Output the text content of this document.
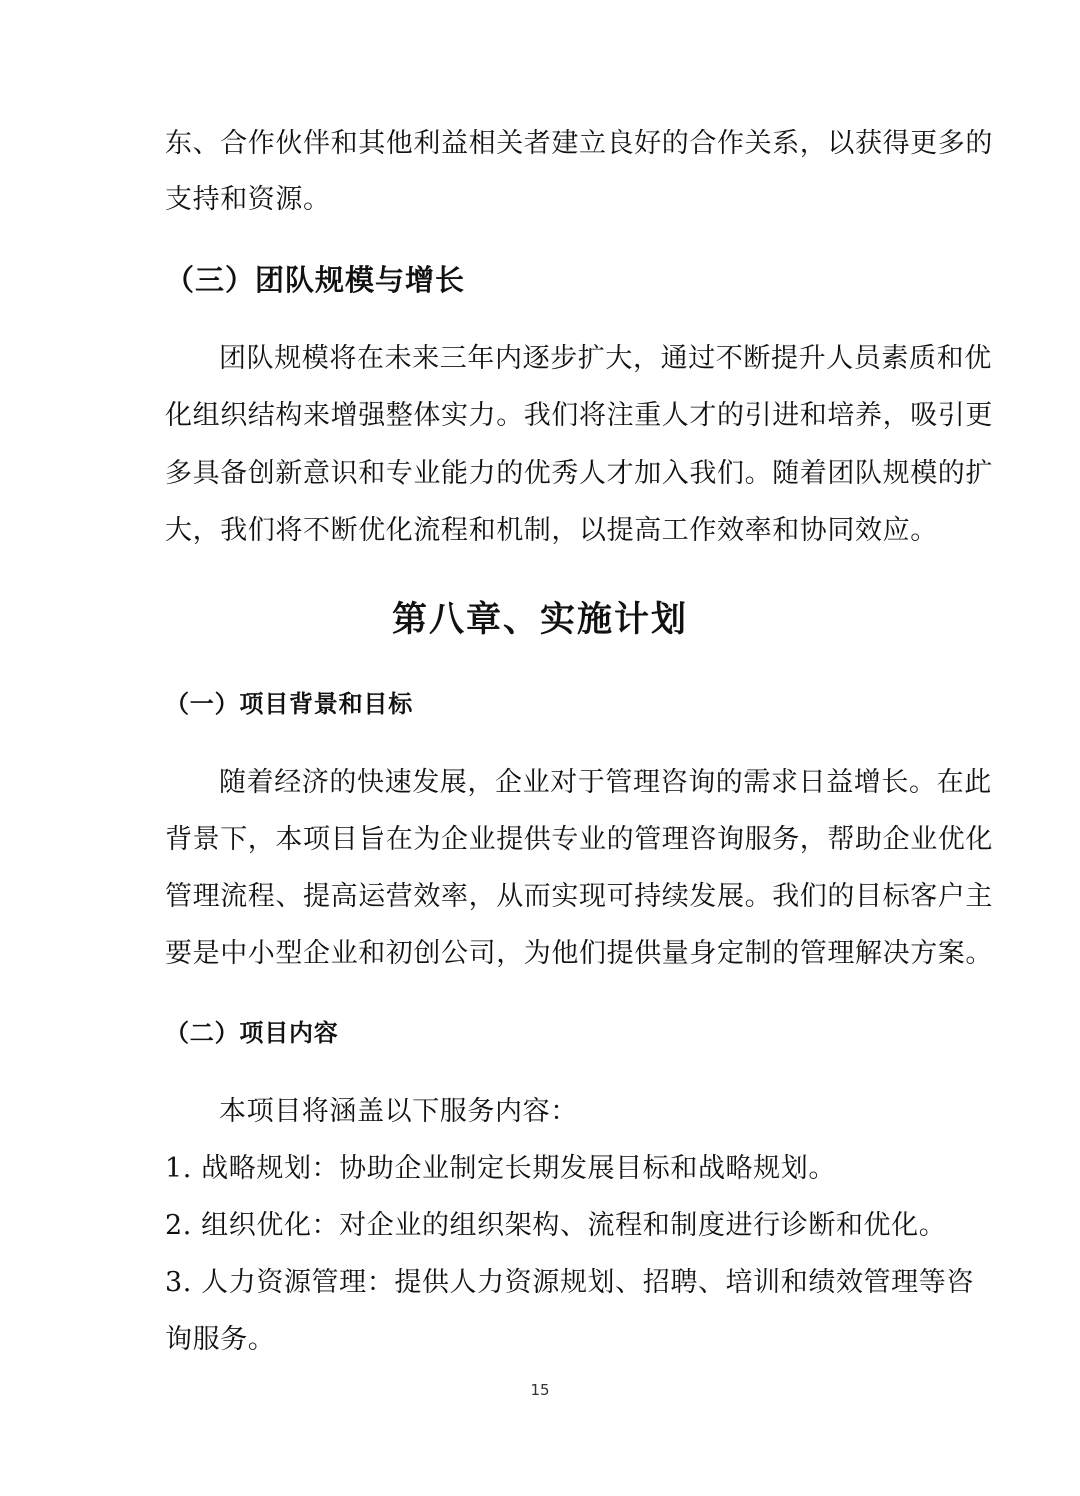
东、合作伙伴和其他利益相关者建立良好的合作关系，以获得更多的
支持和资源。
（三）团队规模与增长
团队规模将在未来三年内逐步扩大，通过不断提升人员素质和优
化组织结构来增强整体实力。我们将注重人才的引进和培养，吸引更
多具备创新意识和专业能力的优秀人才加入我们。随着团队规模的扩
大，我们将不断优化流程和机制，以提高工作效率和协同效应。
第八章、实施计划
（一）项目背景和目标
随着经济的快速发展，企业对于管理咨询的需求日益增长。在此
背景下，本项目旨在为企业提供专业的管理咨询服务，帮助企业优化
管理流程、提高运营效率，从而实现可持续发展。我们的目标客户主
要是中小型企业和初创公司，为他们提供量身定制的管理解决方案。
（二）项目内容
本项目将涵盖以下服务内容：
1. 战略规划：协助企业制定长期发展目标和战略规划。
2. 组织优化：对企业的组织架构、流程和制度进行诊断和优化。
3. 人力资源管理：提供人力资源规划、招聘、培训和绩效管理等咨
询服务。
15
